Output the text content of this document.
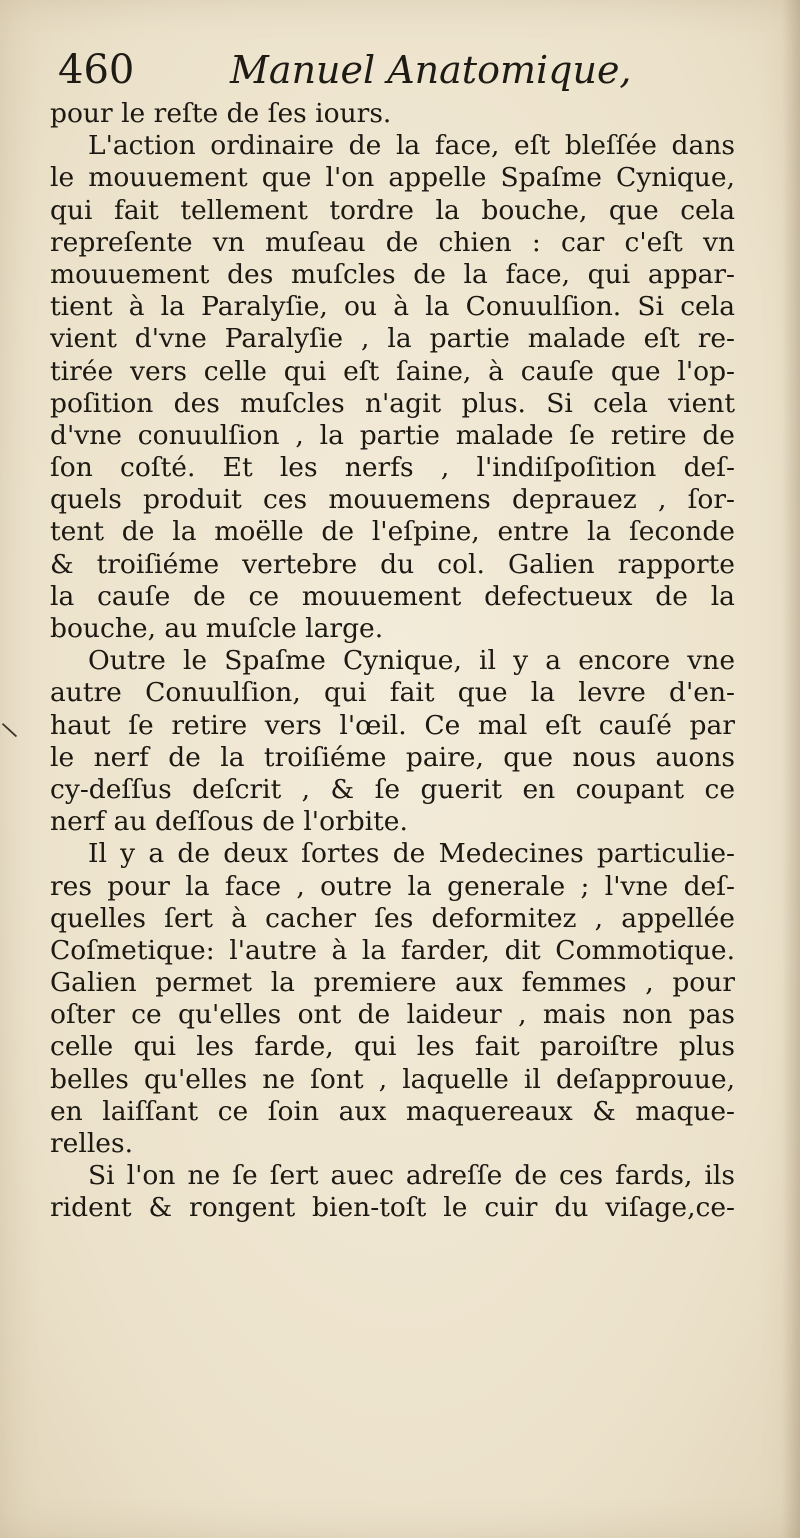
460	Manuel Anatomique,
\
pour le reſte de ſes iours.
L'action ordinaire de la face, eſt bleſſée dans
le mouuement que l'on appelle Spaſme Cynique,
qui fait tellement tordre la bouche, que cela
repreſente vn muſeau de chien : car c'eſt vn
mouuement des muſcles de la face, qui appar-
tient à la Paralyſie, ou à la Conuulſion. Si cela
vient d'vne Paralyſie , la partie malade eſt re-
tirée vers celle qui eſt ſaine, à cauſe que l'op-
poſition des muſcles n'agit plus. Si cela vient
d'vne conuulſion , la partie malade ſe retire de
ſon coſté. Et les nerfs , l'indiſpoſition deſ-
quels produit ces mouuemens deprauez , ſor-
tent de la moëlle de l'eſpine, entre la ſeconde
& troiſiéme vertebre du col. Galien rapporte
la cauſe de ce mouuement defectueux de la
bouche, au muſcle large.
Outre le Spaſme Cynique, il y a encore vne
autre Conuulſion, qui fait que la levre d'en-
haut ſe retire vers l'œil. Ce mal eſt cauſé par
le nerf de la troiſiéme paire, que nous auons
cy-deſſus deſcrit , & ſe guerit en coupant ce
nerf au deſſous de l'orbite.
Il y a de deux ſortes de Medecines particulie-
res pour la face , outre la generale ; l'vne deſ-
quelles ſert à cacher ſes deformitez , appellée
Coſmetique: l'autre à la farder, dit Commotique.
Galien permet la premiere aux femmes , pour
oſter ce qu'elles ont de laideur , mais non pas
celle qui les farde, qui les fait paroiſtre plus
belles qu'elles ne ſont , laquelle il deſapprouue,
en laiſſant ce ſoin aux maquereaux & maque-
relles.
Si l'on ne ſe ſert auec adreſſe de ces fards, ils
rident & rongent bien-toſt le cuir du viſage,ce-
